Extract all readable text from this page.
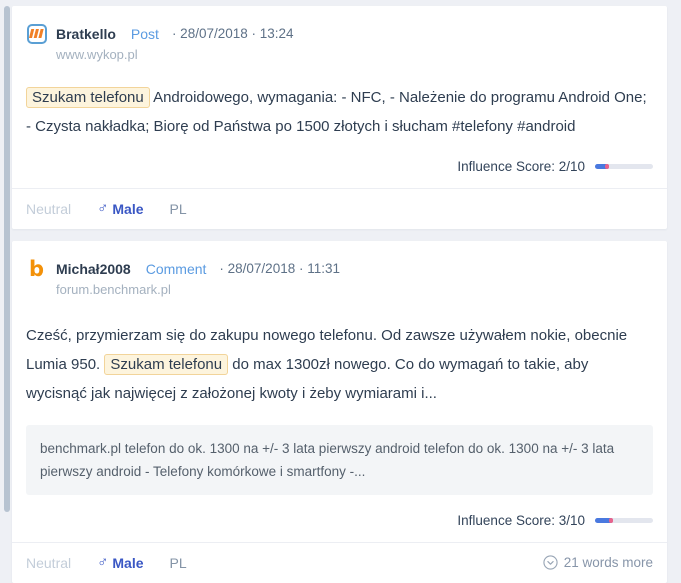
Bratkello Post · 28/07/2018 · 13:24
www.wykop.pl
Szukam telefonu Androidowego, wymagania: - NFC, - Należenie do programu Android One; - Czysta nakładka; Biorę od Państwa po 1500 złotych i słucham #telefony #android
Influence Score: 2/10
Neutral ♂ Male PL
b Michał2008 Comment · 28/07/2018 · 11:31
forum.benchmark.pl
Cześć, przymierzam się do zakupu nowego telefonu. Od zawsze używałem nokie, obecnie Lumia 950. Szukam telefonu do max 1300zł nowego. Co do wymagań to takie, aby wycisnąć jak najwięcej z założonej kwoty i żeby wymiarami i...
benchmark.pl telefon do ok. 1300 na +/- 3 lata pierwszy android telefon do ok. 1300 na +/- 3 lata pierwszy android - Telefony komórkowe i smartfony -...
Influence Score: 3/10
Neutral ♂ Male PL	21 words more
